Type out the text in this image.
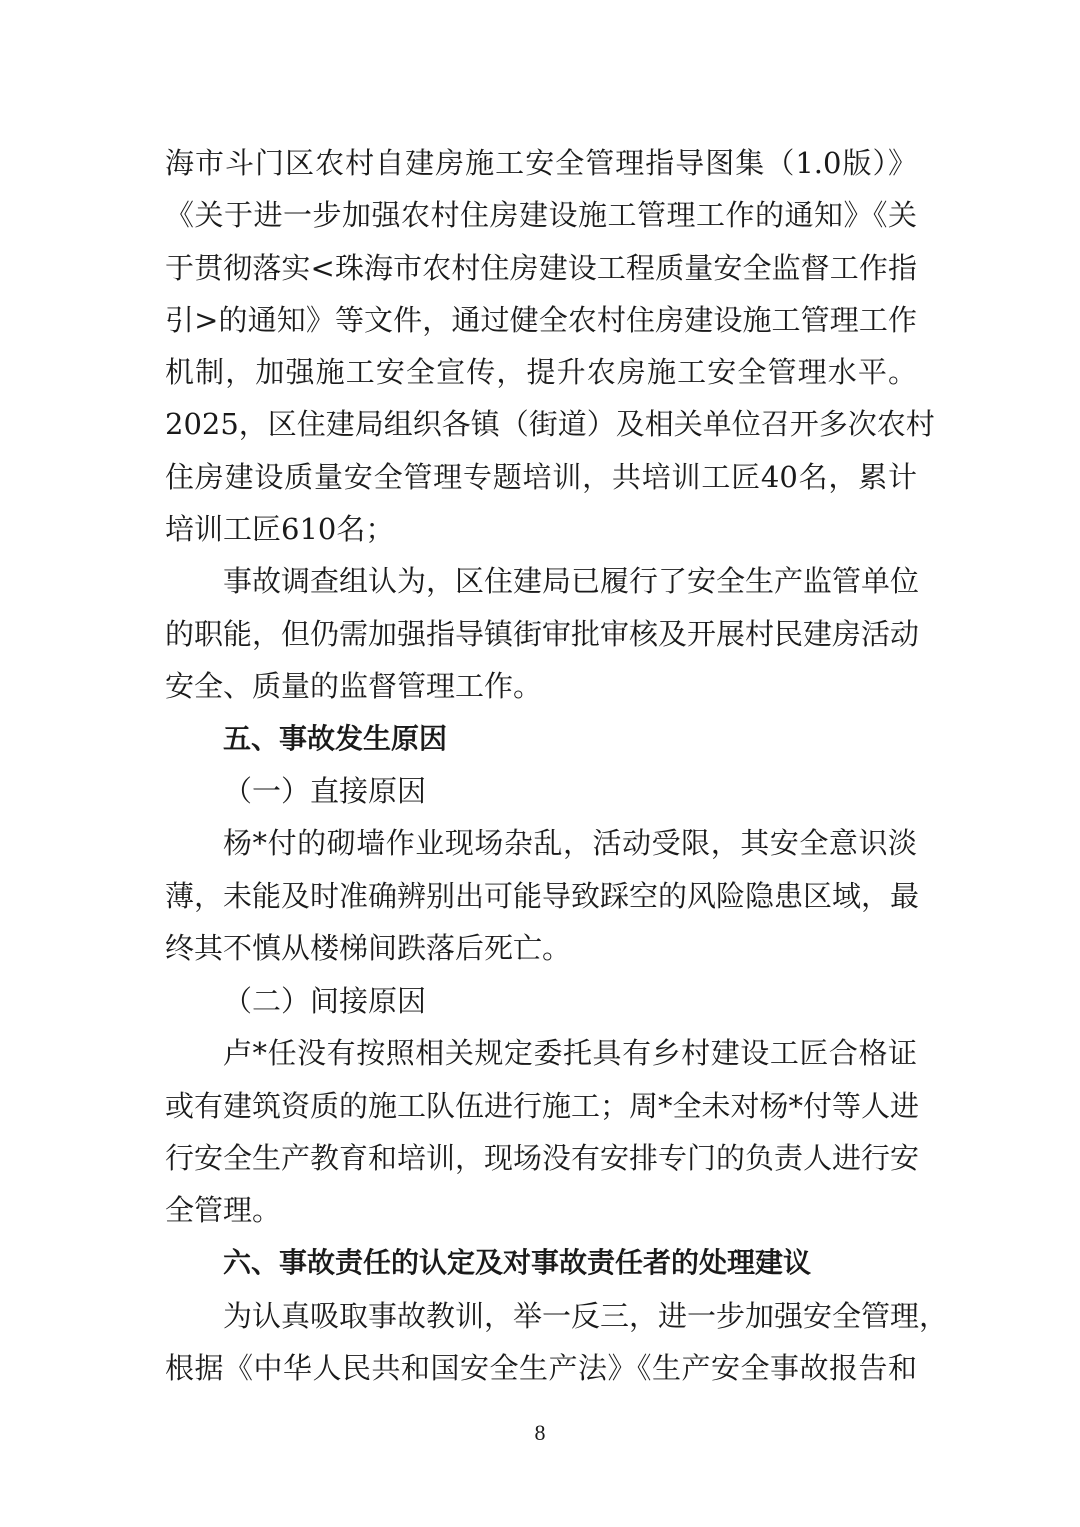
海市斗门区农村自建房施工安全管理指导图集（1.0版）》
《关于进一步加强农村住房建设施工管理工作的通知》《关
于贯彻落实<珠海市农村住房建设工程质量安全监督工作指
引>的通知》等文件，通过健全农村住房建设施工管理工作
机制，加强施工安全宣传，提升农房施工安全管理水平。
2025，区住建局组织各镇（街道）及相关单位召开多次农村
住房建设质量安全管理专题培训，共培训工匠40名，累计
培训工匠610名；
事故调查组认为，区住建局已履行了安全生产监管单位
的职能，但仍需加强指导镇街审批审核及开展村民建房活动
安全、质量的监督管理工作。
五、事故发生原因
（一）直接原因
杨*付的砌墙作业现场杂乱，活动受限，其安全意识淡
薄，未能及时准确辨别出可能导致踩空的风险隐患区域，最
终其不慎从楼梯间跌落后死亡。
（二）间接原因
卢*任没有按照相关规定委托具有乡村建设工匠合格证
或有建筑资质的施工队伍进行施工；周*全未对杨*付等人进
行安全生产教育和培训，现场没有安排专门的负责人进行安
全管理。
六、事故责任的认定及对事故责任者的处理建议
为认真吸取事故教训，举一反三，进一步加强安全管理，
根据《中华人民共和国安全生产法》《生产安全事故报告和
8
